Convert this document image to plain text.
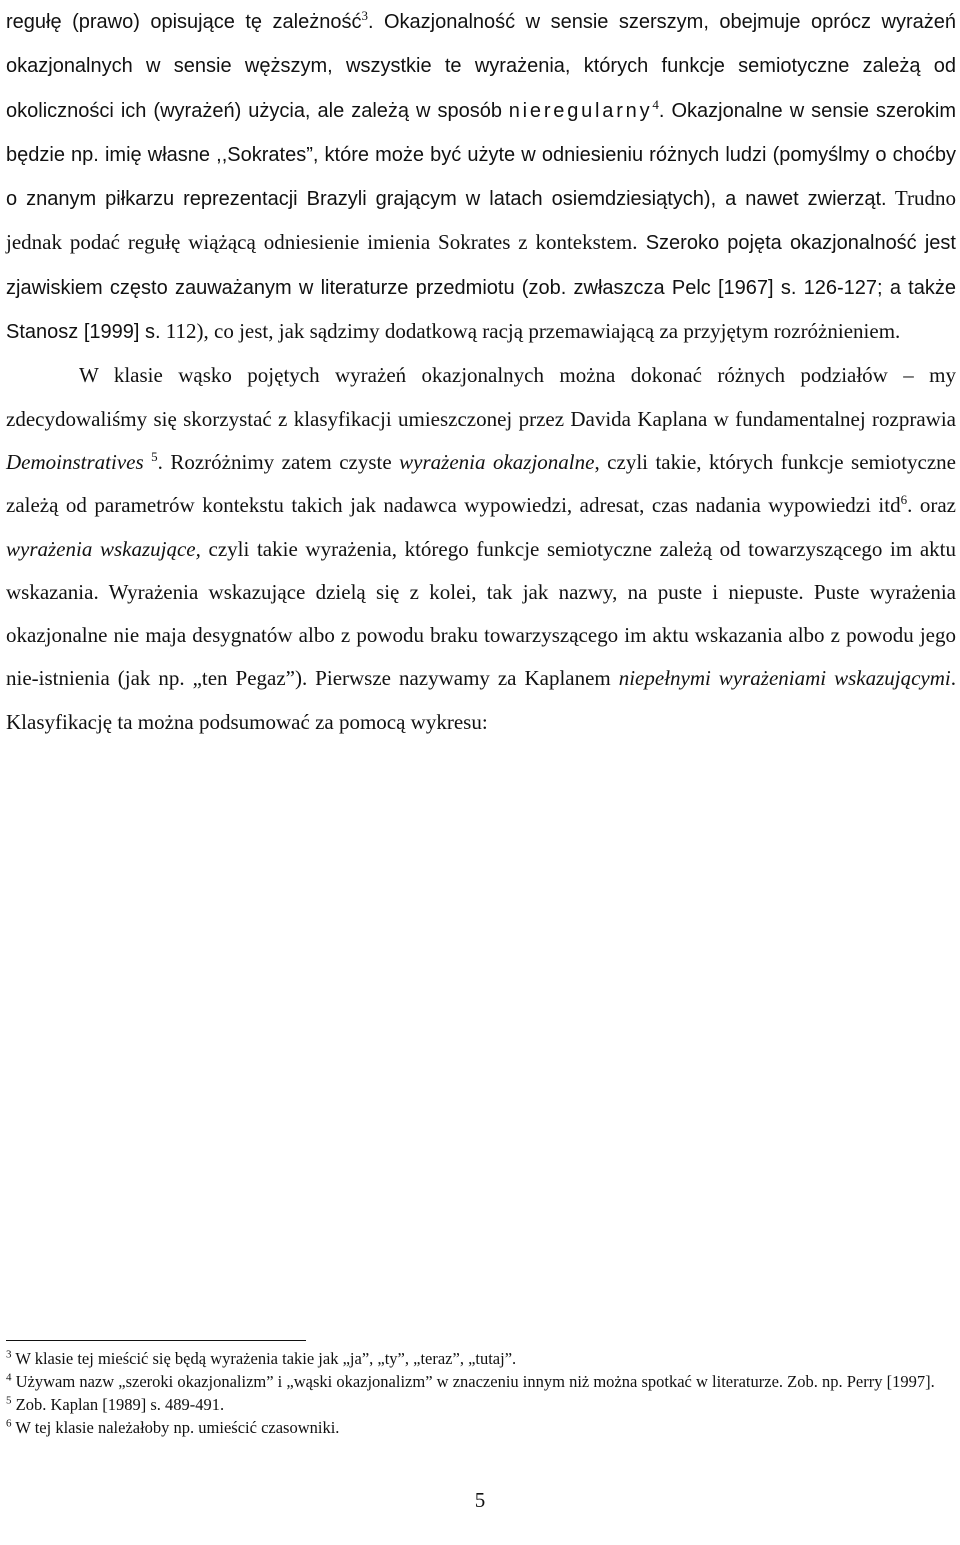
regułę (prawo) opisujące tę zależność$^3$. Okazjonalność w sensie szerszym, obejmuje oprócz wyrażeń okazjonalnych w sensie węższym, wszystkie te wyrażenia, których funkcje semiotyczne zależą od okoliczności ich (wyrażeń) użycia, ale zależą w sposób nieregularny$^4$. Okazjonalne w sensie szerokim będzie np. imię własne ,,Sokrates”, które może być użyte w odniesieniu różnych ludzi (pomyślmy o choćby o znanym piłkarzu reprezentacji Brazyli grającym w latach osiemdziesiątych), a nawet zwierząt. Trudno jednak podać regułę wiążącą odniesienie imienia Sokrates z kontekstem. Szeroko pojęta okazjonalność jest zjawiskiem często zauważanym w literaturze przedmiotu (zob. zwłaszcza Pelc [1967] s. 126-127; a także Stanosz [1999] s. 112), co jest, jak sądzimy dodatkową racją przemawiającą za przyjętym rozróżnieniem.

W klasie wąsko pojętych wyrażeń okazjonalnych można dokonać różnych podziałów – my zdecydowaliśmy się skorzystać z klasyfikacji umieszczonej przez Davida Kaplana w fundamentalnej rozprawia Demoinstratives $^5$. Rozróżnimy zatem czyste wyrażenia okazjonalne, czyli takie, których funkcje semiotyczne zależą od parametrów kontekstu takich jak nadawca wypowiedzi, adresat, czas nadania wypowiedzi itd$^6$. oraz wyrażenia wskazujące, czyli takie wyrażenia, którego funkcje semiotyczne zależą od towarzyszącego im aktu wskazania. Wyrażenia wskazujące dzielą się z kolei, tak jak nazwy, na puste i niepuste. Puste wyrażenia okazjonalne nie maja desygnatów albo z powodu braku towarzyszącego im aktu wskazania albo z powodu jego nie-istnienia (jak np. „ten Pegaz”). Pierwsze nazywamy za Kaplanem niepełnymi wyrażeniami wskazującymi. Klasyfikację ta można podsumować za pomocą wykresu:

$^3$ W klasie tej mieścić się będą wyrażenia takie jak „ja”, „ty”, „teraz”, „tutaj”.

$^4$ Używam nazw „szeroki okazjonalizm” i „wąski okazjonalizm” w znaczeniu innym niż można spotkać w literaturze. Zob. np. Perry [1997].

$^5$ Zob. Kaplan [1989] s. 489-491.

$^6$ W tej klasie należałoby np. umieścić czasowniki.

5
